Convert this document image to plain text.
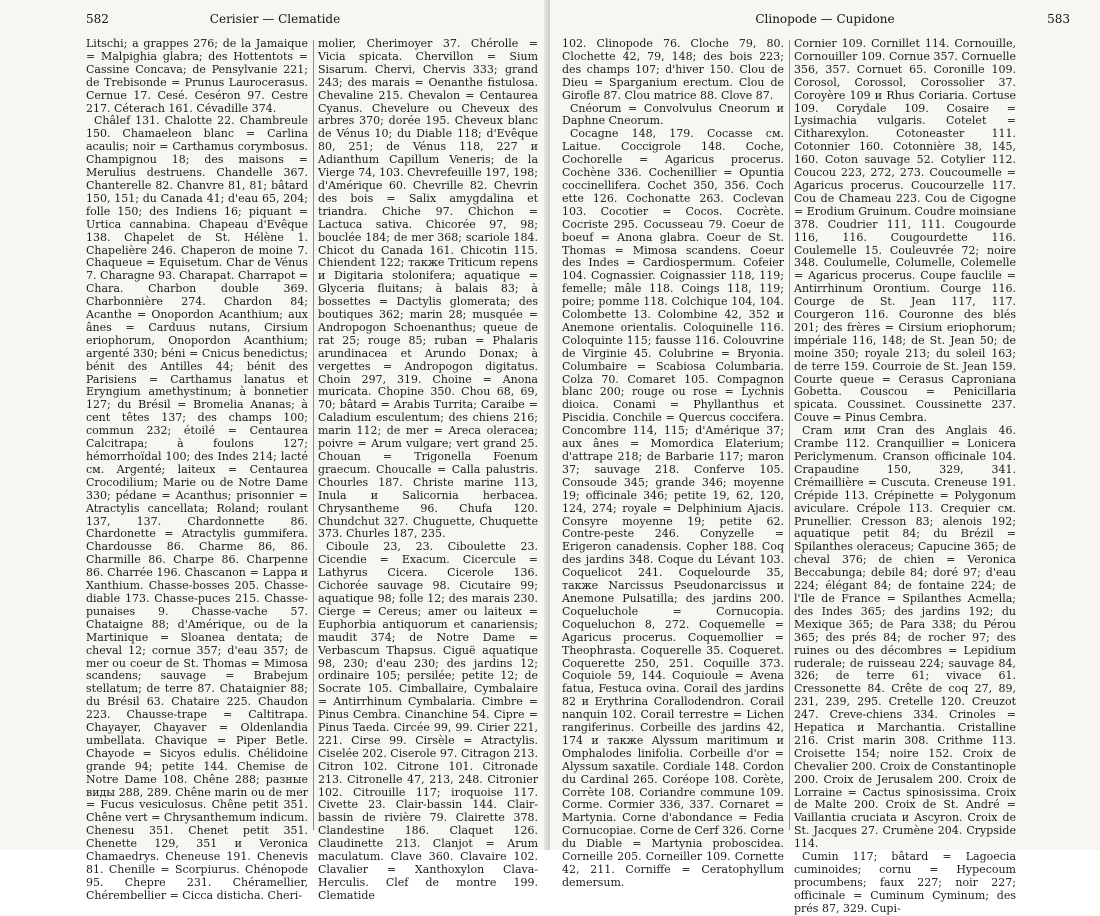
582	Cerisier — Clematide

Litschi; a grappes 276; de la Jamaique = Malpighia glabra; des Hottentots = Cassine Concava; de Pensylvanie 221; de Trebisonde = Prunus Laurocerasus. Cernue 17. Cesé. Ceséron 97. Cestre 217. Céterach 161. Cévadille 374.

Châlef 131. Chalotte 22. Chambreule 150. Chamaeleon blanc = Carlina acaulis; noir = Carthamus corymbosus. Champignou 18; des maisons = Merulius destruens. Chandelle 367. Chanterelle 82. Chanvre 81, 81; bâtard 150, 151; du Canada 41; d'eau 65, 204; folle 150; des Indiens 16; piquant = Urtica cannabina. Chapeau d'Evêque 138. Chapelet de St. Hélène 1. Chapelière 246. Chaperon de moine 7. Chaqueue = Equisetum. Char de Vénus 7. Charagne 93. Charapat. Charrapot = Chara. Charbon double 369. Charbonnière 274. Chardon 84; Acanthe = Onopordon Acanthium; aux ânes = Carduus nutans, Cirsium eriophorum, Onopordon Acanthium; argenté 330; béni = Cnicus benedictus; bénit des Antilles 44; bénit des Parisiens = Carthamus lanatus et Eryngium amethystinum; à bonnetier 127; du Brésil = Bromelia Ananas; à cent têtes 137; des champs 100; commun 232; étoilé = Centaurea Calcitrapa; à foulons 127; hémorrhoïdal 100; des Indes 214; lacté см. Argenté; laiteux = Centaurea Crocodilium; Marie ou de Notre Dame 330; pédane = Acanthus; prisonnier = Atractylis cancellata; Roland; roulant 137, 137. Chardonnette 86. Chardonette = Atractylis gummifera. Chardousse 86. Charme 86, 86. Charmille 86. Charpe 86. Charpenne 86. Charrée 196. Chascanon = Lappa и Xanthium. Chasse-bosses 205. Chasse-diable 173. Chasse-puces 215. Chasse-punaises 9. Chasse-vache 57. Chataigne 88; d'Amérique, ou de la Martinique = Sloanea dentata; de cheval 12; cornue 357; d'eau 357; de mer ou coeur de St. Thomas = Mimosa scandens; sauvage = Brabejum stellatum; de terre 87. Chataignier 88; du Brésil 63. Chataire 225. Chaudon 223. Chausse-trape = Caltitrapa. Chayayer, Chayaver = Oldenlandia umbellata. Chavique = Piper Betle. Chayode = Sicyos edulis. Chélidoine grande 94; petite 144. Chemise de Notre Dame 108. Chêne 288; разные виды 288, 289. Chêne marin ou de mer = Fucus vesiculosus. Chêne petit 351. Chêne vert = Chrysanthemum indicum. Chenesu 351. Chenet petit 351. Chenette 129, 351 и Veronica Chamaedrys. Cheneuse 191. Chenevis 81. Chenille = Scorpiurus. Chénopode 95. Chepre 231. Chéramellier, Chérembellier = Cicca disticha. Cheri-

molier, Cherimoyer 37. Chérolle = Vicia spicata. Chervillon = Sium Sisarum. Chervi, Chervis 333; grand 243; des marais = Oenanthe fistulosa. Chevaline 215. Chevalon = Centaurea Cyanus. Chevelure ou Cheveux des arbres 370; dorée 195. Cheveux blanc de Vénus 10; du Diable 118; d'Evêque 80, 251; de Vénus 118, 227 и Adianthum Capillum Veneris; de la Vierge 74, 103. Chevrefeuille 197, 198; d'Amérique 60. Chevrille 82. Chevrin des bois = Salix amygdalina et triandra. Chiche 97. Chichon = Lactuca sativa. Chicorée 97, 98; bouclée 184; de mer 368; scariole 184. Chicot du Canada 161. Chicotin 115. Chiendent 122; также Triticum repens и Digitaria stolonifera; aquatique = Glyceria fluitans; à balais 83; à bossettes = Dactylis glomerata; des boutiques 362; marin 28; musquée = Andropogon Schoenanthus; queue de rat 25; rouge 85; ruban = Phalaris arundinacea et Arundo Donax; à vergettes = Andropogon digitatus. Choin 297, 319. Choine = Anona muricata. Chopine 350. Chou 68, 69, 70; bâtard = Arabis Turrita; Caraibe = Caladium esculentum; des chiens 216; marin 112; de mer = Areca oleracea; poivre = Arum vulgare; vert grand 25. Chouan = Trigonella Foenum graecum. Choucalle = Calla palustris. Chourles 187. Christe marine 113, Inula и Salicornia herbacea. Chrysantheme 96. Chufa 120. Chundchut 327. Chuguette, Chuquette 373. Churles 187, 235.

Ciboule 23, 23. Ciboulette 23. Cicendie = Exacum. Cicercule = Lathyrus Cicera. Cicerole 136. Cichorée sauvage 98. Cicutaire 99; aquatique 98; folle 12; des marais 230. Cierge = Cereus; amer ou laiteux = Euphorbia antiquorum et canariensis; maudit 374; de Notre Dame = Verbascum Thapsus. Ciguë aquatique 98, 230; d'eau 230; des jardins 12; ordinaire 105; persilée; petite 12; de Socrate 105. Cimballaire, Cymbalaire = Antirrhinum Cymbalaria. Cimbre = Pinus Cembra. Cinanchine 54. Cipre = Pinus Taeda. Circée 99, 99. Cirier 221, 221. Cirse 99. Cirsèle = Atractylis. Ciselée 202. Ciserole 97. Citragon 213. Citron 102. Citrone 101. Citronade 213. Citronelle 47, 213, 248. Citronier 102. Citrouille 117; iroquoise 117. Civette 23. Clair-bassin 144. Clair-bassin de rivière 79. Clairette 378. Clandestine 186. Claquet 126. Claudinette 213. Clanjot = Arum maculatum. Clave 360. Clavaire 102. Clavalier = Xanthoxylon Clava-Herculis. Clef de montre 199. Clematide

Clinopode — Cupidone	583

102. Clinopode 76. Cloche 79, 80. Clochette 42, 79, 148; des bois 223; des champs 107; d'hiver 150. Clou de Dieu = Sparganium erectum. Clou de Girofle 87. Clou matrice 88. Clove 87.

Cnéorum = Convolvulus Cneorum и Daphne Cneorum.

Cocagne 148, 179. Cocasse см. Laitue. Coccigrole 148. Coche, Cochorelle = Agaricus procerus. Cochène 336. Cochenillier = Opuntia coccinellifera. Cochet 350, 356. Coch ette 126. Cochonatte 263. Coclevan 103. Cocotier = Cocos. Cocrète. Cocriste 295. Cocusseau 79. Coeur de boeuf = Anona glabra. Coeur de St. Thomas = Mimosa scandens. Coeur des Indes = Cardiospermum. Cofeier 104. Cognassier. Coignassier 118, 119; femelle; mâle 118. Coings 118, 119; poire; pomme 118. Colchique 104, 104. Colombette 13. Colombine 42, 352 и Anemone orientalis. Coloquinelle 116. Coloquinte 115; fausse 116. Colouvrine de Virginie 45. Colubrine = Bryonia. Columbaire = Scabiosa Columbaria. Colza 70. Comaret 105. Compagnon blanc 200; rouge ou rose = Lychnis dioica. Conami = Phyllanthus et Piscidia. Conchile = Quercus coccifera. Concombre 114, 115; d'Amérique 37; aux ânes = Momordica Elaterium; d'attrape 218; de Barbarie 117; maron 37; sauvage 218. Conferve 105. Consoude 345; grande 346; moyenne 19; officinale 346; petite 19, 62, 120, 124, 274; royale = Delphinium Ajacis. Consyre moyenne 19; petite 62. Contre-peste 246. Conyzelle = Erigeron canadensis. Copher 188. Coq des jardins 348. Coque du Lévant 103. Coquelicot 241. Coquelourde 35, также Narcissus Pseudonarcissus и Anemone Pulsatilla; des jardins 200. Coqueluchole = Cornucopia. Coqueluchon 8, 272. Coquemelle = Agaricus procerus. Coquemollier = Theophrasta. Coquerelle 35. Coqueret. Coquerette 250, 251. Coquille 373. Coquiole 59, 144. Coquioule = Avena fatua, Festuca ovina. Corail des jardins 82 и Erythrina Corallodendron. Corail nanquin 102. Corail terrestre = Lichen rangiferinus. Corbeille des jardins 42, 174 и также Alyssum maritimum и Omphalodes linifolia. Corbeille d'or = Alyssum saxatile. Cordiale 148. Cordon du Cardinal 265. Coréope 108. Corète, Corrète 108. Coriandre commune 109. Corme. Cormier 336, 337. Cornaret = Martynia. Corne d'abondance = Fedia Cornucopiae. Corne de Cerf 326. Corne du Diable = Martynia proboscidea. Corneille 205. Corneiller 109. Cornette 42, 211. Corniffe = Ceratophyllum demersum.

Cornier 109. Cornillet 114. Cornouille, Cornouiller 109. Cornue 357. Cornuelle 356, 357. Cornuet 65. Coronille 109. Corosol, Corossol, Corossolier 37. Coroyère 109 и Rhus Coriaria. Cortuse 109. Corydale 109. Cosaire = Lysimachia vulgaris. Cotelet = Citharexylon. Cotoneaster 111. Cotonnier 160. Cotonnière 38, 145, 160. Coton sauvage 52. Cotylier 112. Coucou 223, 272, 273. Coucoumelle = Agaricus procerus. Coucourzelle 117. Cou de Chameau 223. Cou de Cigogne = Erodium Gruinum. Coudre moinsiane 378. Coudrier 111, 111. Cougourde 116, 116. Cougourdette 116. Coulemelle 15. Couleuvrée 72; noire 348. Coulumelle, Columelle, Colemelle = Agaricus procerus. Coupe fauclile = Antirrhinum Orontium. Courge 116. Courge de St. Jean 117, 117. Courgeron 116. Couronne des blés 201; des frères = Cirsium eriophorum; impériale 116, 148; de St. Jean 50; de moine 350; royale 213; du soleil 163; de terre 159. Courroie de St. Jean 159. Courte queue = Cerasus Caproniana Gobetta. Couscou = Penicillaria spicata. Coussinet. Coussinette 237. Couve = Pinus Cembra.

Cram или Cran des Anglais 46. Crambe 112. Cranquillier = Lonicera Periclymenum. Cranson officinale 104. Crapaudine 150, 329, 341. Crémaillière = Cuscuta. Creneuse 191. Crépide 113. Crépinette = Polygonum aviculare. Crépole 113. Crequier см. Prunellier. Cresson 83; alenois 192; aquatique petit 84; du Brézil = Spilanthes oleraceus; Capucine 365; de cheval 376; de chien = Veronica Beccabunga; debile 84; doré 97; d'eau 224; élégant 84; de fontaine 224; de l'Ile de France = Spilanthes Acmella; des Indes 365; des jardins 192; du Mexique 365; de Para 338; du Pérou 365; des prés 84; de rocher 97; des ruines ou des décombres = Lepidium ruderale; de ruisseau 224; sauvage 84, 326; de terre 61; vivace 61. Cressonette 84. Crête de coq 27, 89, 231, 239, 295. Cretelle 120. Creuzot 247. Creve-chiens 334. Crinoles = Hepatica и Marchantia. Cristalline 216. Crist marin 308. Crithme 113. Croisette 154; noire 152. Croix de Chevalier 200. Croix de Constantinople 200. Croix de Jerusalem 200. Croix de Lorraine = Cactus spinosissima. Croix de Malte 200. Croix de St. André = Vaillantia cruciata и Ascyron. Croix de St. Jacques 27. Crumène 204. Crypside 114.

Cumin 117; bâtard = Lagoecia cuminoides; cornu = Hypecoum procumbens; faux 227; noir 227; officinale = Cuminum Cyminum; des prés 87, 329. Cupi-
